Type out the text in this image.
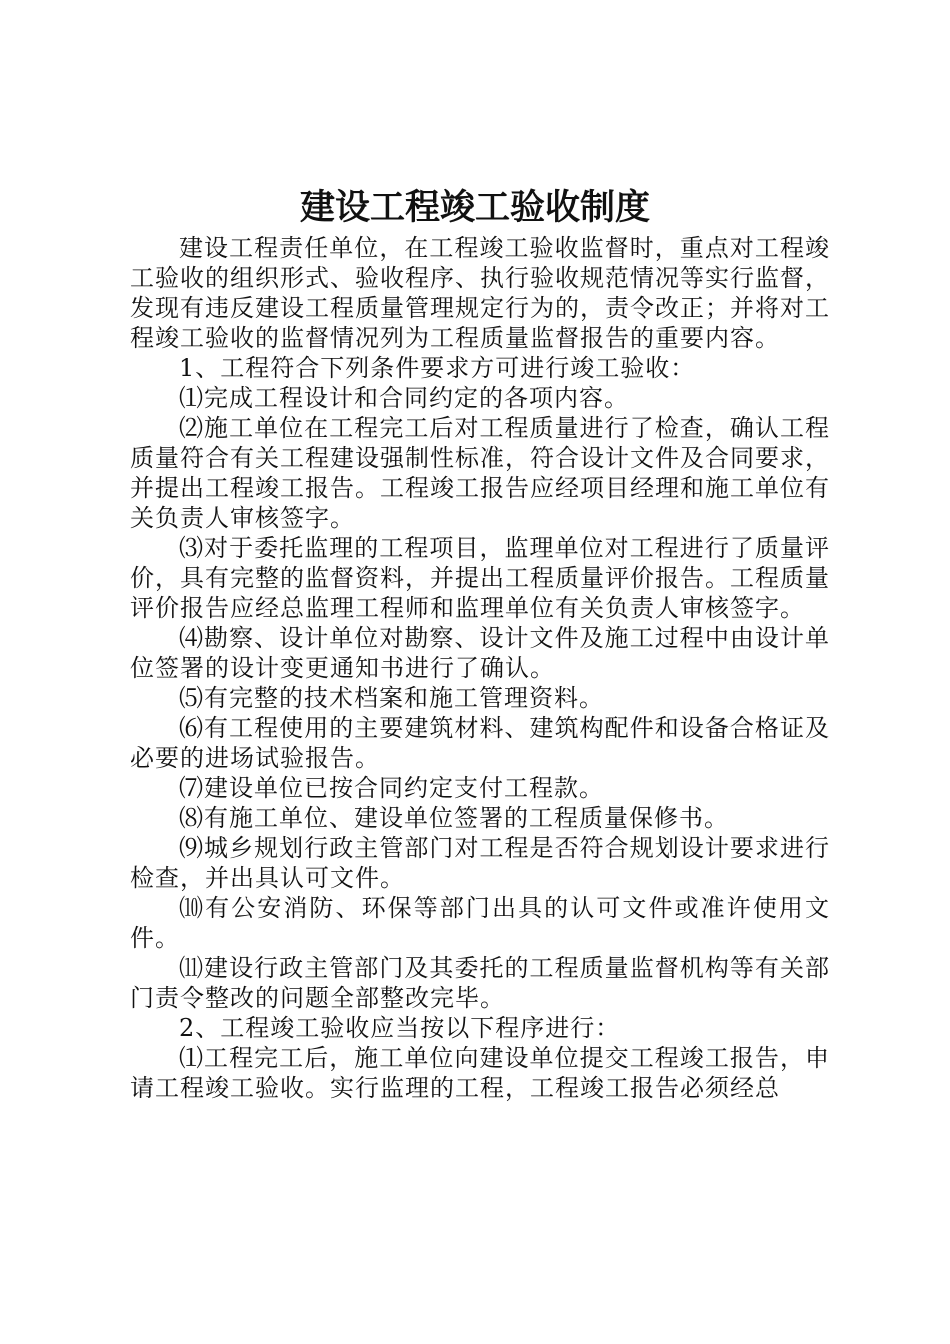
建设工程竣工验收制度

建设工程责任单位，在工程竣工验收监督时，重点对工程竣工验收的组织形式、验收程序、执行验收规范情况等实行监督，发现有违反建设工程质量管理规定行为的，责令改正；并将对工程竣工验收的监督情况列为工程质量监督报告的重要内容。

1、工程符合下列条件要求方可进行竣工验收：

⑴完成工程设计和合同约定的各项内容。

⑵施工单位在工程完工后对工程质量进行了检查，确认工程质量符合有关工程建设强制性标准，符合设计文件及合同要求，并提出工程竣工报告。工程竣工报告应经项目经理和施工单位有关负责人审核签字。

⑶对于委托监理的工程项目，监理单位对工程进行了质量评价，具有完整的监督资料，并提出工程质量评价报告。工程质量评价报告应经总监理工程师和监理单位有关负责人审核签字。

⑷勘察、设计单位对勘察、设计文件及施工过程中由设计单位签署的设计变更通知书进行了确认。

⑸有完整的技术档案和施工管理资料。

⑹有工程使用的主要建筑材料、建筑构配件和设备合格证及必要的进场试验报告。

⑺建设单位已按合同约定支付工程款。

⑻有施工单位、建设单位签署的工程质量保修书。

⑼城乡规划行政主管部门对工程是否符合规划设计要求进行检查，并出具认可文件。

⑽有公安消防、环保等部门出具的认可文件或准许使用文件。

⑾建设行政主管部门及其委托的工程质量监督机构等有关部门责令整改的问题全部整改完毕。

2、工程竣工验收应当按以下程序进行：

⑴工程完工后，施工单位向建设单位提交工程竣工报告，申请工程竣工验收。实行监理的工程，工程竣工报告必须经总
